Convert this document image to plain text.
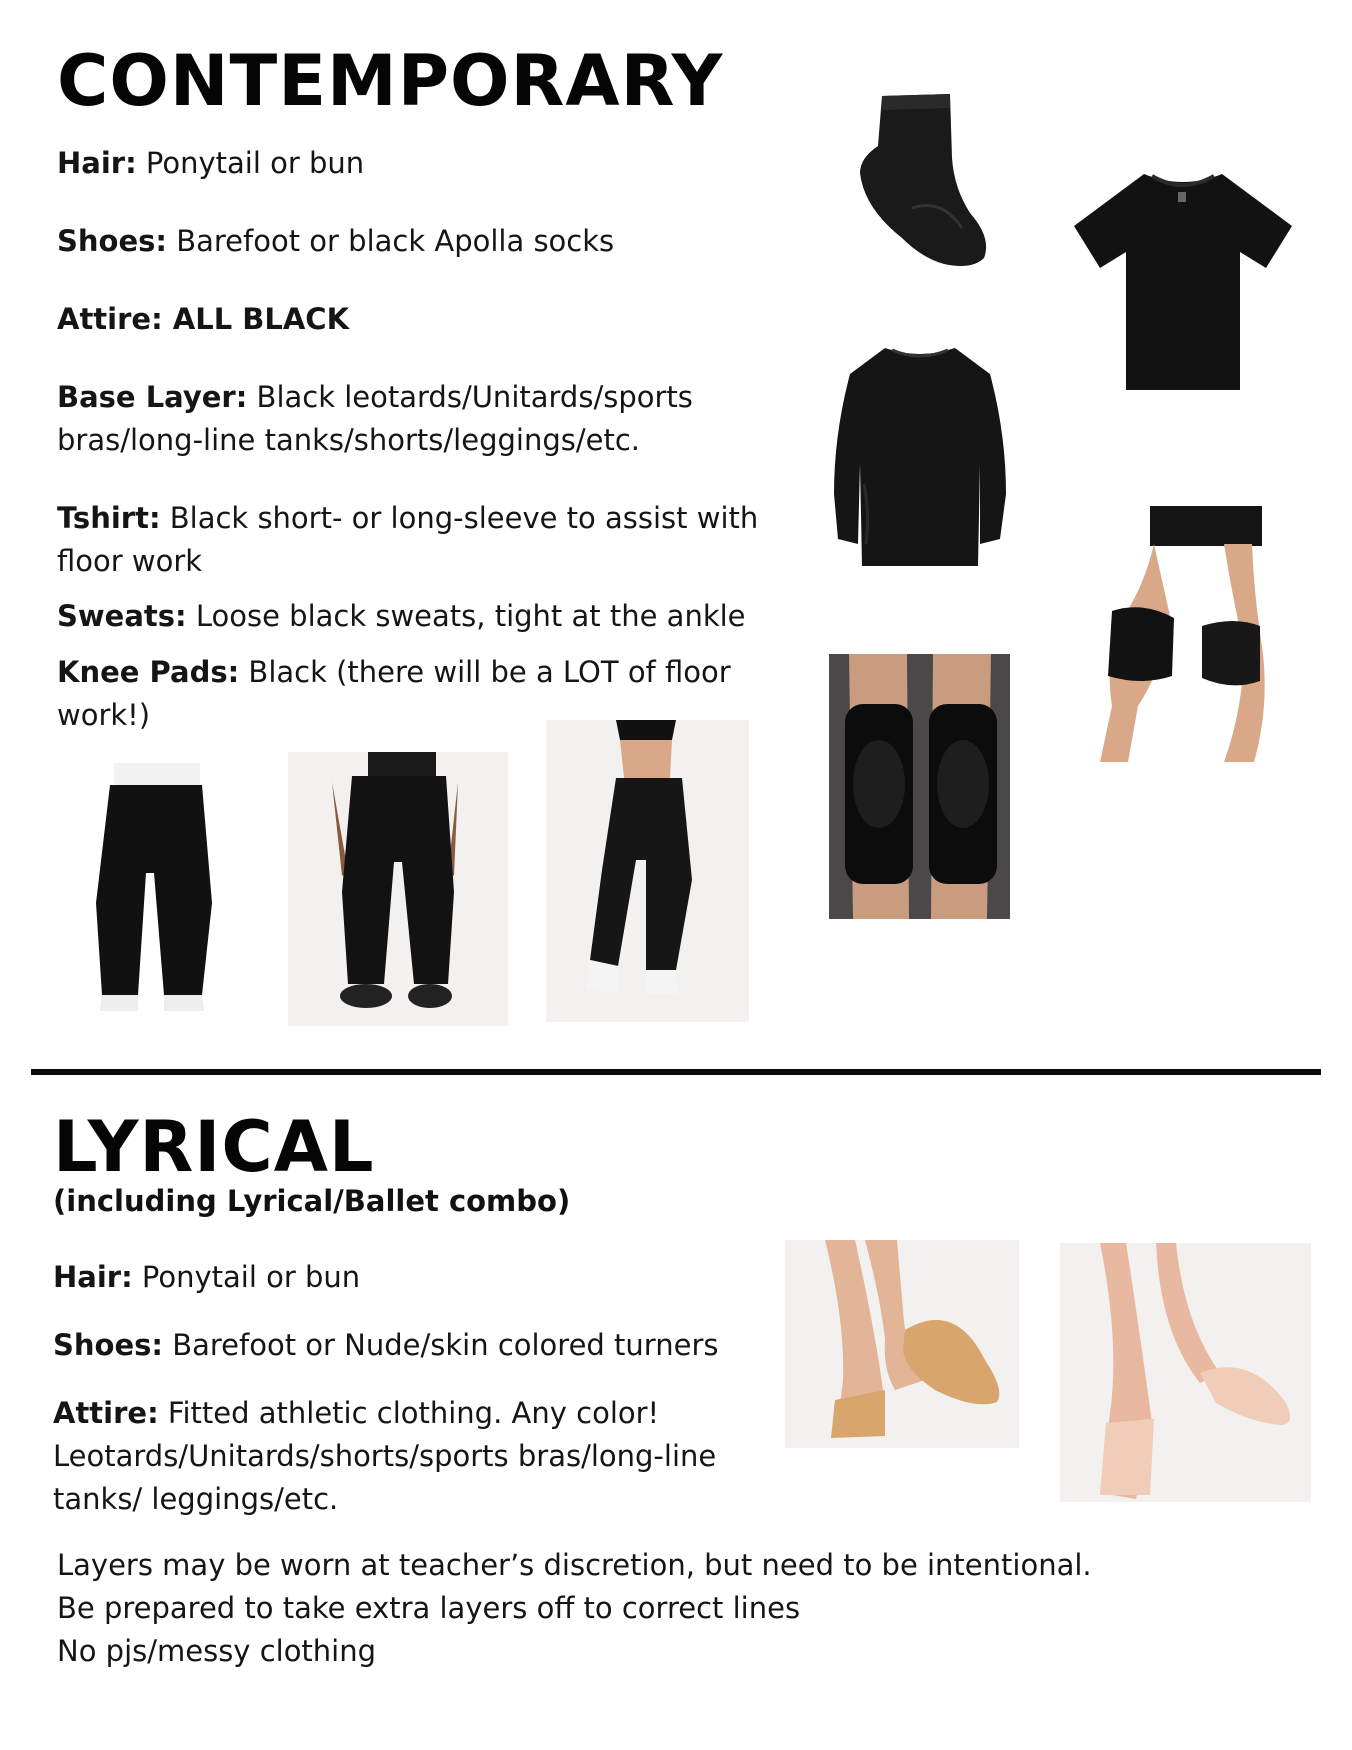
CONTEMPORARY
Hair: Ponytail or bun
Shoes: Barefoot or black Apolla socks
Attire: ALL BLACK
Base Layer: Black leotards/Unitards/sports
bras/long-line tanks/shorts/leggings/etc.
Tshirt: Black short- or long-sleeve to assist with
floor work
Sweats: Loose black sweats, tight at the ankle
Knee Pads: Black (there will be a LOT of floor
work!)
LYRICAL
(including Lyrical/Ballet combo)
Hair: Ponytail or bun
Shoes: Barefoot or Nude/skin colored turners
Attire: Fitted athletic clothing. Any color!
Leotards/Unitards/shorts/sports bras/long-line
tanks/ leggings/etc.
Layers may be worn at teacher’s discretion, but need to be intentional.
Be prepared to take extra layers off to correct lines
No pjs/messy clothing
